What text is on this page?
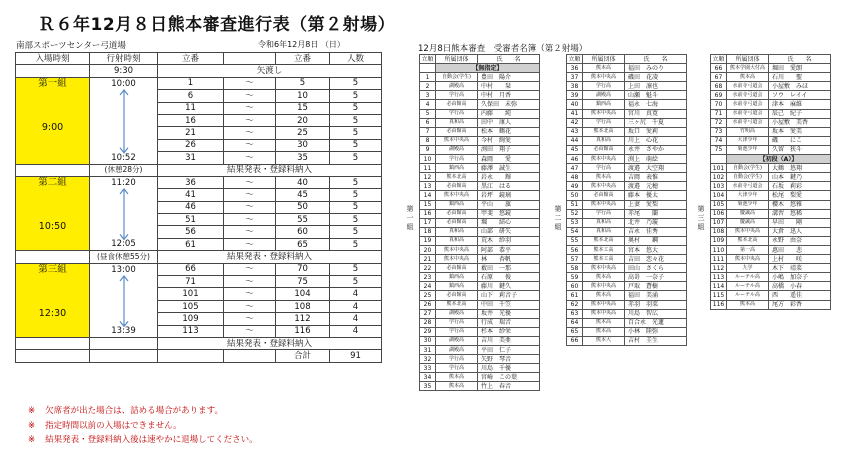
Ｒ６年12月８日熊本審査進行表（第２射場）
南部スポーツセンター弓道場	令和6年12月8日 （日）
入場時刻	行射時刻	立番		立番	人数
	9:30	矢渡し			

第一組
9:00	10:00	1	～	5	5
		6	～	10	5
		11	～	15	5
		16	～	20	5
		21	～	25	5
		26	～	30	5
	10:52	31	～	35	5
	(休憩28分)	結果発表・登録料納入			

第二組
10:50	11:20	36	～	40	5
		41	～	45	5
		46	～	50	5
		51	～	55	5
		56	～	60	5
	12:05	61	～	65	5
	(昼食休憩55分)	結果発表・登録料納入			

第三組
12:30	13:00	66	～	70	5
		71	～	75	5
		101	～	104	4
		105	～	108	4
		109	～	112	4
	13:39	113	～	116	4
		結果発表・登録料納入			
				合計	91
※ 欠席者が出た場合は、詰める場合があります。
※ 指定時間以前の入場はできません。
※ 結果発表・登録料納入後は速やかに退場してください。
12月8日熊本審査　受審者名簿（第２射場）
第一組
第二組
第三組
立順	所属団体	氏　　名
	【無指定】	
1	自動会(学生)	豊田　陽介
2	湖殿高	中村　　栞
3	学行高	中村　月香
4	必由館高	久保田　未弥
5	学行高	内藤　　純
6	真和高	田中　康人
7	必由館高	松本　鶴花
8	熊本中央高	今村　絢愛
9	湖殿高	渕田　翔子
10	学行高	森岡　　愛
11	鎮西高	藤澤　誠生
12	熊本北高	岩永　　輝
13	必由館高	黒江　はる
14	熊本中央高	岩坪　鏡璃
15	鎮西高	平山　　旗
16	必由館高	甲斐　悠鏡
17	必由館高	堀　　結心
18	真和高	山部　研矢
19	真和高	荒木　紗羽
20	熊本中央高	阿部　恭平
21	熊本中央高	林　　杏帆
22	必由館高	薮田　一那
23	鎮西高	石原　　俊
24	鎮西高	藤川　鍵久
25	必由館高	山下　莉音子
26	熊本北高	中田　千笠
27	湖殿高	坂井　光優
28	学行高	行成　瑞音
29	学行高	杉本　紗栄
30	湖殿高	吉川　美亜
31	湖殿高	平田　仁子
32	学行高	矢野　琴音
33	学行高	川島　千優
34	熊本高	宮崎　この葉
35	熊本高	竹上　春音
立順	所属団体	氏　　名
36	熊本高	福田　みのり
37	熊本中央高	磯田　花凌
38	学行高	上田　凛也
39	湖殿高	山瀬　魁斗
40	鎮西高	福永　七海
41	熊本中央高	宮川　真寛
42	学行高	三ヶ尻　千夏
43	熊本北高	坂口　愛莉
44	真和高	川上　心花
45	必由館高	永井　さやか
46	熊本中央高	渕上　萌絵
47	学行高	渡邉　大空翔
48	熊本高	吉岡　表惟
49	熊本中央高	渡邉　元穂
50	必由館高	藤本　優太
51	熊本中央高	上妻　愛梨
52	学行高	赤尾　　蘭
53	真和高	北井　乃璇
54	真和高	吉永　佳秀
55	熊本北高	奥村　　鋼
56	熊本工高	宮本　悠大
57	熊本工高	吉田　恋々花
58	熊本中央高	田山　さくら
59	熊本高	高嵜　一奈子
60	熊本中央高	戸取　蒼樹
61	熊本高	福田　美涌
62	熊本中央高	赤羽　羽菜
63	熊本中央高	川島　智広
64	熊本高	百合永　光蓮
65	熊本高	小林　陸弥
66	熊本大	吉村　圭生
立順	所属団体	氏　　名
66	熊本学園大付高	堀田　愛朗
67	熊本高	石川　　聖
68	水前寺弓道会	小屋敷　みほ
69	水前寺弓道会	ソウ　レイイ
70	水前寺弓道会	津本　麻維
71	水前寺弓道会	辰己　紀子
72	水前寺弓道会	小屋敷　美香
73	竹明高	坂本　愛美
74	大津少年	磯　　にこ
75	菊池少年	久留　狭斗
	【初段（A）】	
101	自動会(学生)	大鶴　悠翔
102	自動会(学生)	山本　鍵乃
103	水前寺弓道会	石坂　莉彩
104	大津少年	松尾　梨愛
105	菊池少年	櫻木　悠雅
106	慶誠高	溝習　悠稀
107	慶誠高	早田　　剛
108	熊本中央高	大倉　迅人
109	熊本北高	永野　由奈
110	第一高	惠田　　悲
111	熊本中央高	上村　　咲
112	九学	木下　靖菜
113	ルーテル高	小嶋　加奈子
114	ルーテル高	高橋　小春
115	ルーテル高	西　　遥佳
116	熊本高	尾方　彩香
